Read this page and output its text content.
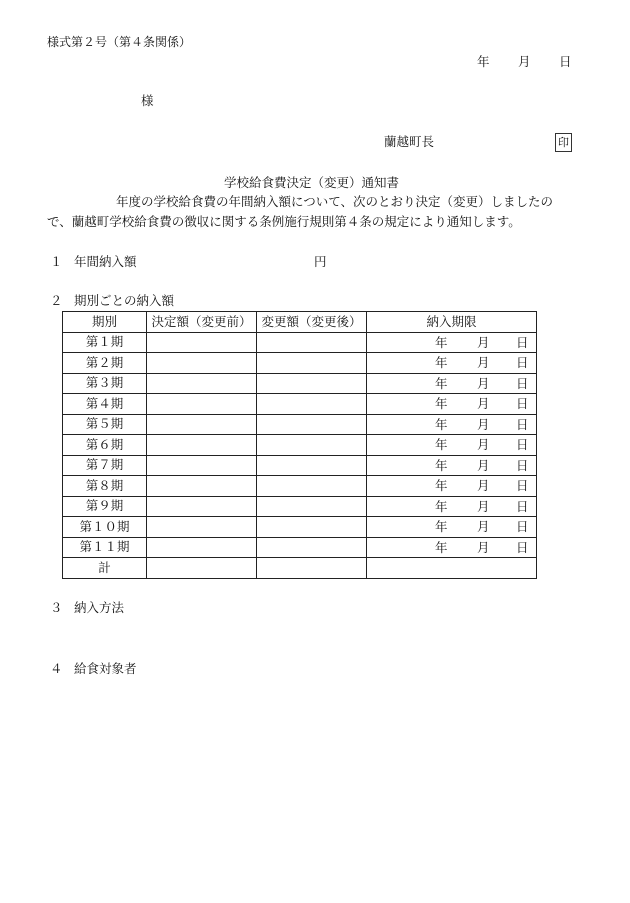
様式第２号（第４条関係）
年 月 日
様
蘭越町長	印
学校給食費決定（変更）通知書
年度の学校給食費の年間納入額について、次のとおり決定（変更）しましたの
で、蘭越町学校給食費の徴収に関する条例施行規則第４条の規定により通知します。
１ 年間納入額	円
２ 期別ごとの納入額
期別	決定額（変更前）	変更額（変更後）	納入期限
第１期			年 月 日

第２期			年 月 日

第３期			年 月 日

第４期			年 月 日

第５期			年 月 日

第６期			年 月 日

第７期			年 月 日

第８期			年 月 日

第９期			年 月 日

第１０期			年 月 日

第１１期			年 月 日

計			
３ 納入方法
４ 給食対象者
